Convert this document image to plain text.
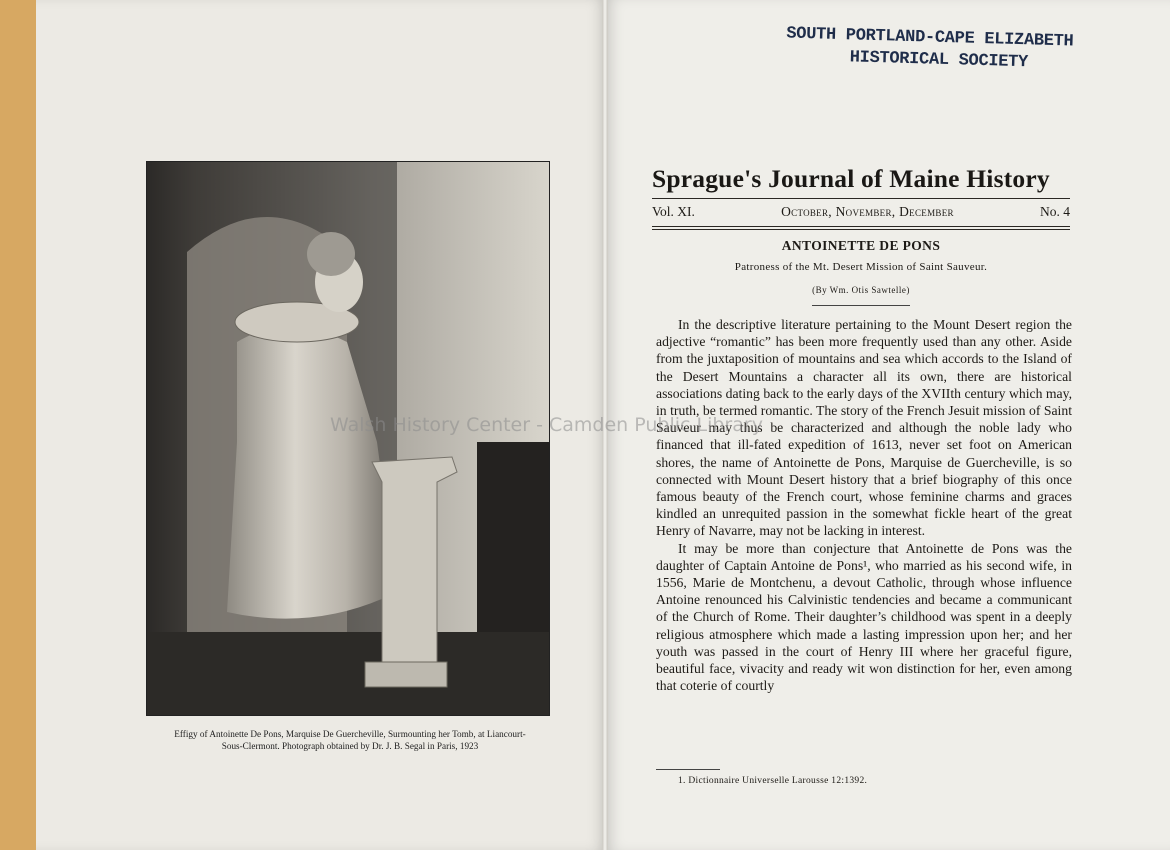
Effigy of Antoinette De Pons, Marquise De Guercheville, Surmounting her Tomb, at Liancourt-
Sous-Clermont. Photograph obtained by Dr. J. B. Segal in Paris, 1923
SOUTH PORTLAND-CAPE ELIZABETH
HISTORICAL SOCIETY
Sprague's Journal of Maine History
Vol. XI.	October, November, December	No. 4
ANTOINETTE DE PONS
Patroness of the Mt. Desert Mission of Saint Sauveur.
(By Wm. Otis Sawtelle)

In the descriptive literature pertaining to the Mount Desert region the adjective “romantic” has been more frequently used than any other. Aside from the juxtaposition of mountains and sea which accords to the Island of the Desert Mountains a character all its own, there are historical associations dating back to the early days of the XVIIth century which may, in truth, be termed romantic. The story of the French Jesuit mission of Saint Sauveur may thus be characterized and although the noble lady who financed that ill-fated expedition of 1613, never set foot on American shores, the name of Antoinette de Pons, Marquise de Guercheville, is so connected with Mount Desert history that a brief biography of this once famous beauty of the French court, whose feminine charms and graces kindled an unrequited passion in the somewhat fickle heart of the great Henry of Navarre, may not be lacking in interest.

It may be more than conjecture that Antoinette de Pons was the daughter of Captain Antoine de Pons¹, who married as his second wife, in 1556, Marie de Montchenu, a devout Catholic, through whose influence Antoine renounced his Calvinistic tendencies and became a communicant of the Church of Rome. Their daughter’s childhood was spent in a deeply religious atmosphere which made a lasting impression upon her; and her youth was passed in the court of Henry III where her graceful figure, beautiful face, vivacity and ready wit won distinction for her, even among that coterie of courtly

1. Dictionnaire Universelle Larousse 12:1392.
Walsh History Center - Camden Public Library
